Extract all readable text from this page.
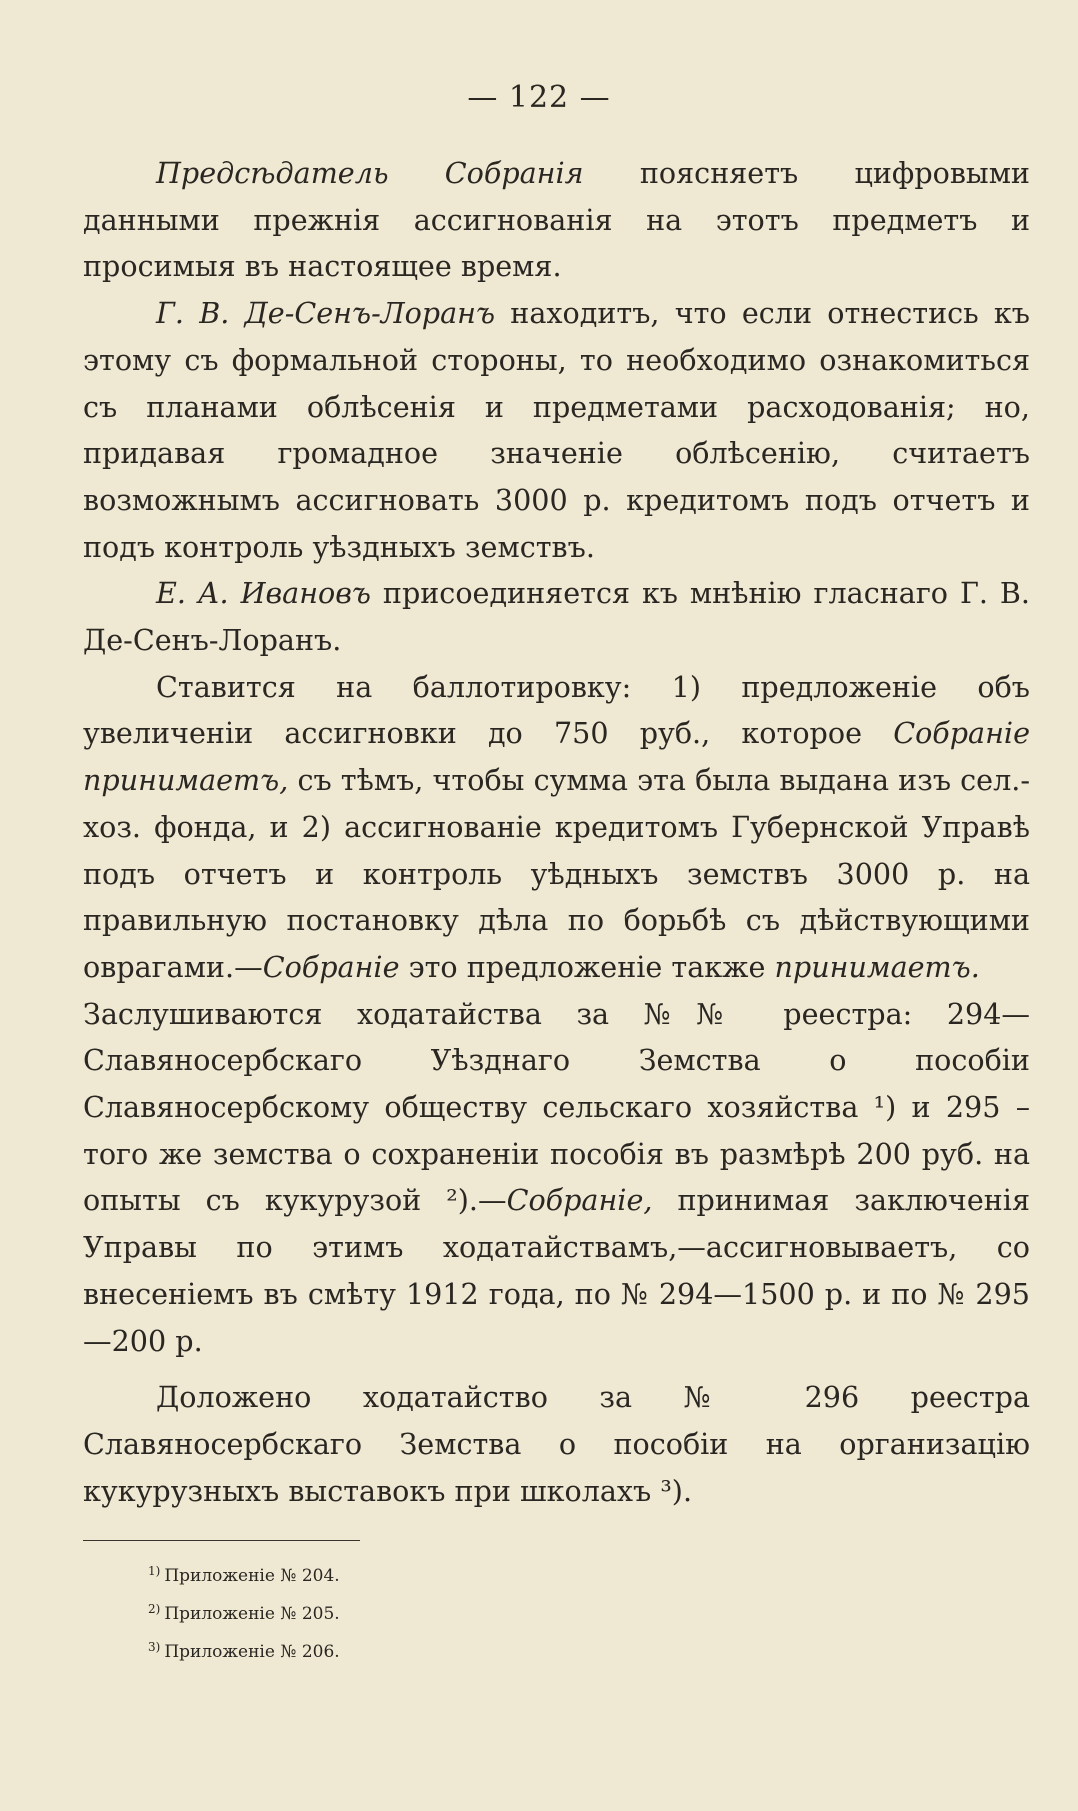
— 122 —

Предсѣдатель Собранія поясняетъ цифровыми данными прежнія ассигнованія на этотъ предметъ и просимыя въ настоящее время.

Г. В. Де-Сенъ-Лоранъ находитъ, что если отнестись къ этому съ формальной стороны, то необходимо ознакомиться съ планами облѣсенія и предметами расходованія; но, придавая громадное значеніе облѣсенію, считаетъ возможнымъ ассигновать 3000 р. кредитомъ подъ отчетъ и подъ контроль уѣздныхъ земствъ.

Е. А. Ивановъ присоединяется къ мнѣнію гласнаго Г. В. Де-Сенъ-Лоранъ.

Ставится на баллотировку: 1) предложеніе объ увеличеніи ассигновки до 750 руб., которое Собраніе принимаетъ, съ тѣмъ, чтобы сумма эта была выдана изъ сел.-хоз. фонда, и 2) ассигнованіе кредитомъ Губернской Управѣ подъ отчетъ и контроль уѣдныхъ земствъ 3000 р. на правильную постановку дѣла по борьбѣ съ дѣйствующими оврагами.—Собраніе это предложеніе также принимаетъ.

Заслушиваются ходатайства за №№ реестра: 294—Славяносербскаго Уѣзднаго Земства о пособіи Славяносербскому обществу сельскаго хозяйства ¹) и 295 –того же земства о сохраненіи пособія въ размѣрѣ 200 руб. на опыты съ кукурузой ²).—Собраніе, принимая заключенія Управы по этимъ ходатайствамъ,—ассигновываетъ, со внесеніемъ въ смѣту 1912 года, по № 294—1500 р. и по № 295—200 р.

Доложено ходатайство за № 296 реестра Славяносербскаго Земства о пособіи на организацію кукурузныхъ выставокъ при школахъ ³).

$^{1)}$ Приложеніе № 204.
$^{2)}$ Приложеніе № 205.
$^{3)}$ Приложеніе № 206.
